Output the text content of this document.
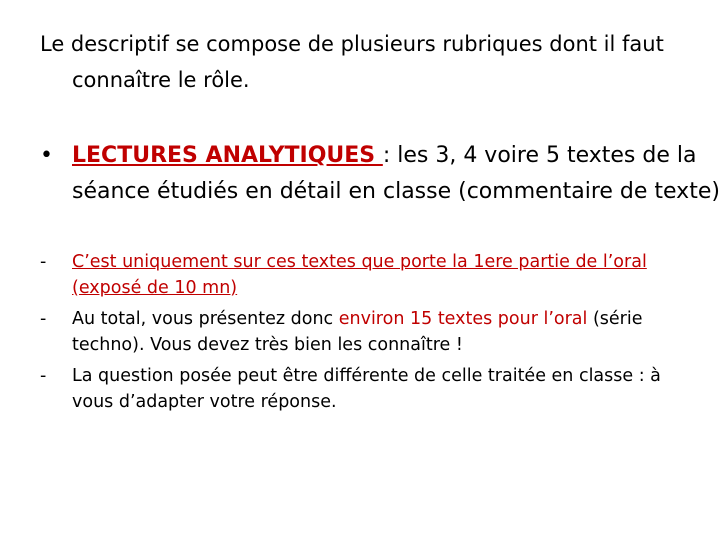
Le descriptif se compose de plusieurs rubriques dont il faut connaître le rôle.
• LECTURES ANALYTIQUES : les 3, 4 voire 5 textes de la séance étudiés en détail en classe (commentaire de texte)
- C’est uniquement sur ces textes que porte la 1ere partie de l’oral (exposé de 10 mn)
- Au total, vous présentez donc environ 15 textes pour l’oral (série techno). Vous devez très bien les connaître !
- La question posée peut être différente de celle traitée en classe : à vous d’adapter votre réponse.
